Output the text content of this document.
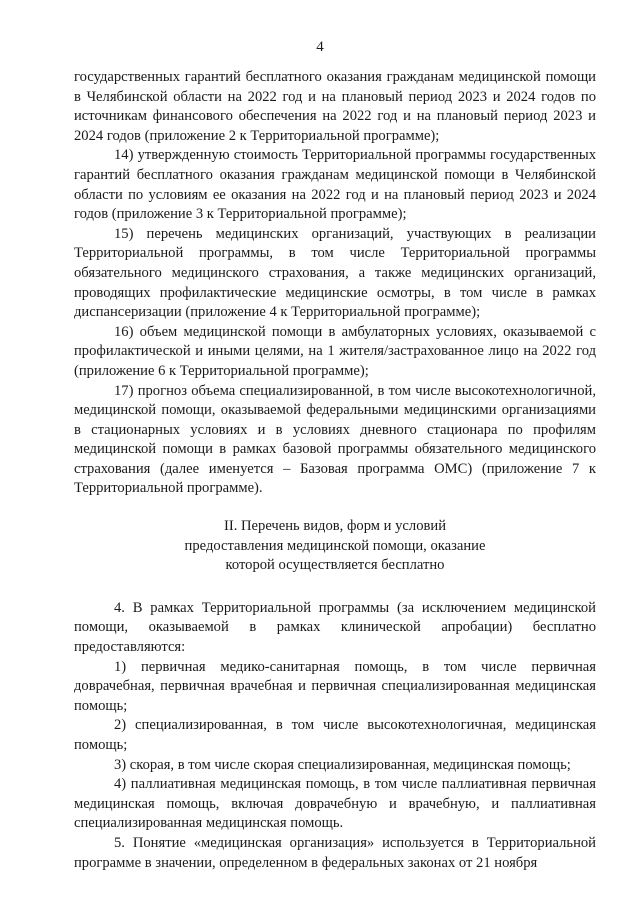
4

государственных гарантий бесплатного оказания гражданам медицинской помощи в Челябинской области на 2022 год и на плановый период 2023 и 2024 годов по источникам финансового обеспечения на 2022 год и на плановый период 2023 и 2024 годов (приложение 2 к Территориальной программе);

14) утвержденную стоимость Территориальной программы государственных гарантий бесплатного оказания гражданам медицинской помощи в Челябинской области по условиям ее оказания на 2022 год и на плановый период 2023 и 2024 годов (приложение 3 к Территориальной программе);

15) перечень медицинских организаций, участвующих в реализации Территориальной программы, в том числе Территориальной программы обязательного медицинского страхования, а также медицинских организаций, проводящих профилактические медицинские осмотры, в том числе в рамках диспансеризации (приложение 4 к Территориальной программе);

16) объем медицинской помощи в амбулаторных условиях, оказываемой с профилактической и иными целями, на 1 жителя/застрахованное лицо на 2022 год (приложение 6 к Территориальной программе);

17) прогноз объема специализированной, в том числе высокотехнологичной, медицинской помощи, оказываемой федеральными медицинскими организациями в стационарных условиях и в условиях дневного стационара по профилям медицинской помощи в рамках базовой программы обязательного медицинского страхования (далее именуется – Базовая программа ОМС) (приложение 7 к Территориальной программе).

II. Перечень видов, форм и условий
предоставления медицинской помощи, оказание
которой осуществляется бесплатно

4. В рамках Территориальной программы (за исключением медицинской помощи, оказываемой в рамках клинической апробации) бесплатно предоставляются:

1) первичная медико-санитарная помощь, в том числе первичная доврачебная, первичная врачебная и первичная специализированная медицинская помощь;

2) специализированная, в том числе высокотехнологичная, медицинская помощь;

3) скорая, в том числе скорая специализированная, медицинская помощь;

4) паллиативная медицинская помощь, в том числе паллиативная первичная медицинская помощь, включая доврачебную и врачебную, и паллиативная специализированная медицинская помощь.

5. Понятие «медицинская организация» используется в Территориальной программе в значении, определенном в федеральных законах от 21 ноября
